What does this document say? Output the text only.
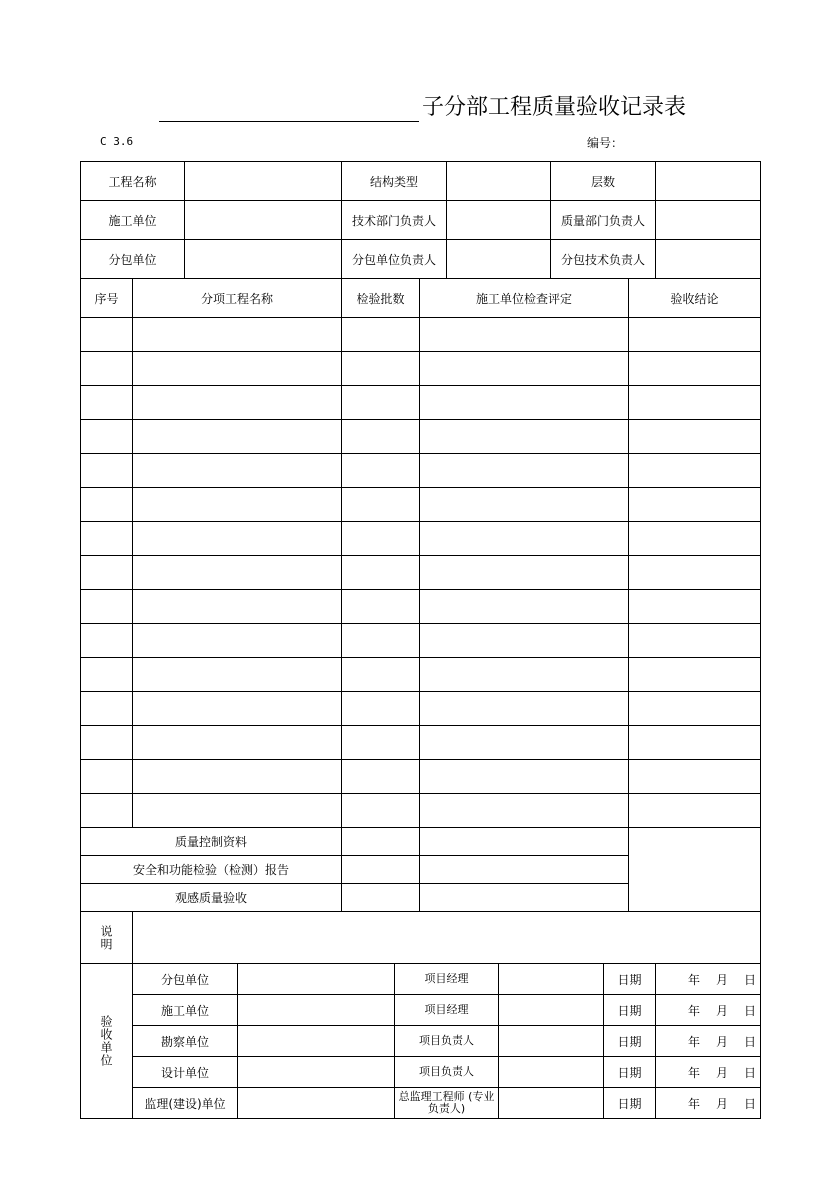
子分部工程质量验收记录表
C 3.6	编号：
工程名称		结构类型		层数	
施工单位		技术部门负责人		质量部门负责人	
分包单位		分包单位负责人		分包技术负责人	
序号	分项工程名称	检验批数	施工单位检查评定	验收结论

质量控制资料				
安全和功能检验（检测）报告				
观感质量验收				
说明	
验收单位	分包单位		项目经理		日期	年 月 日

	施工单位		项目经理		日期	年 月 日

	勘察单位		项目负责人		日期	年 月 日

	设计单位		项目负责人		日期	年 月 日

	监理(建设)单位		总监理工程师 (专业负责人)		日期	年 月 日
